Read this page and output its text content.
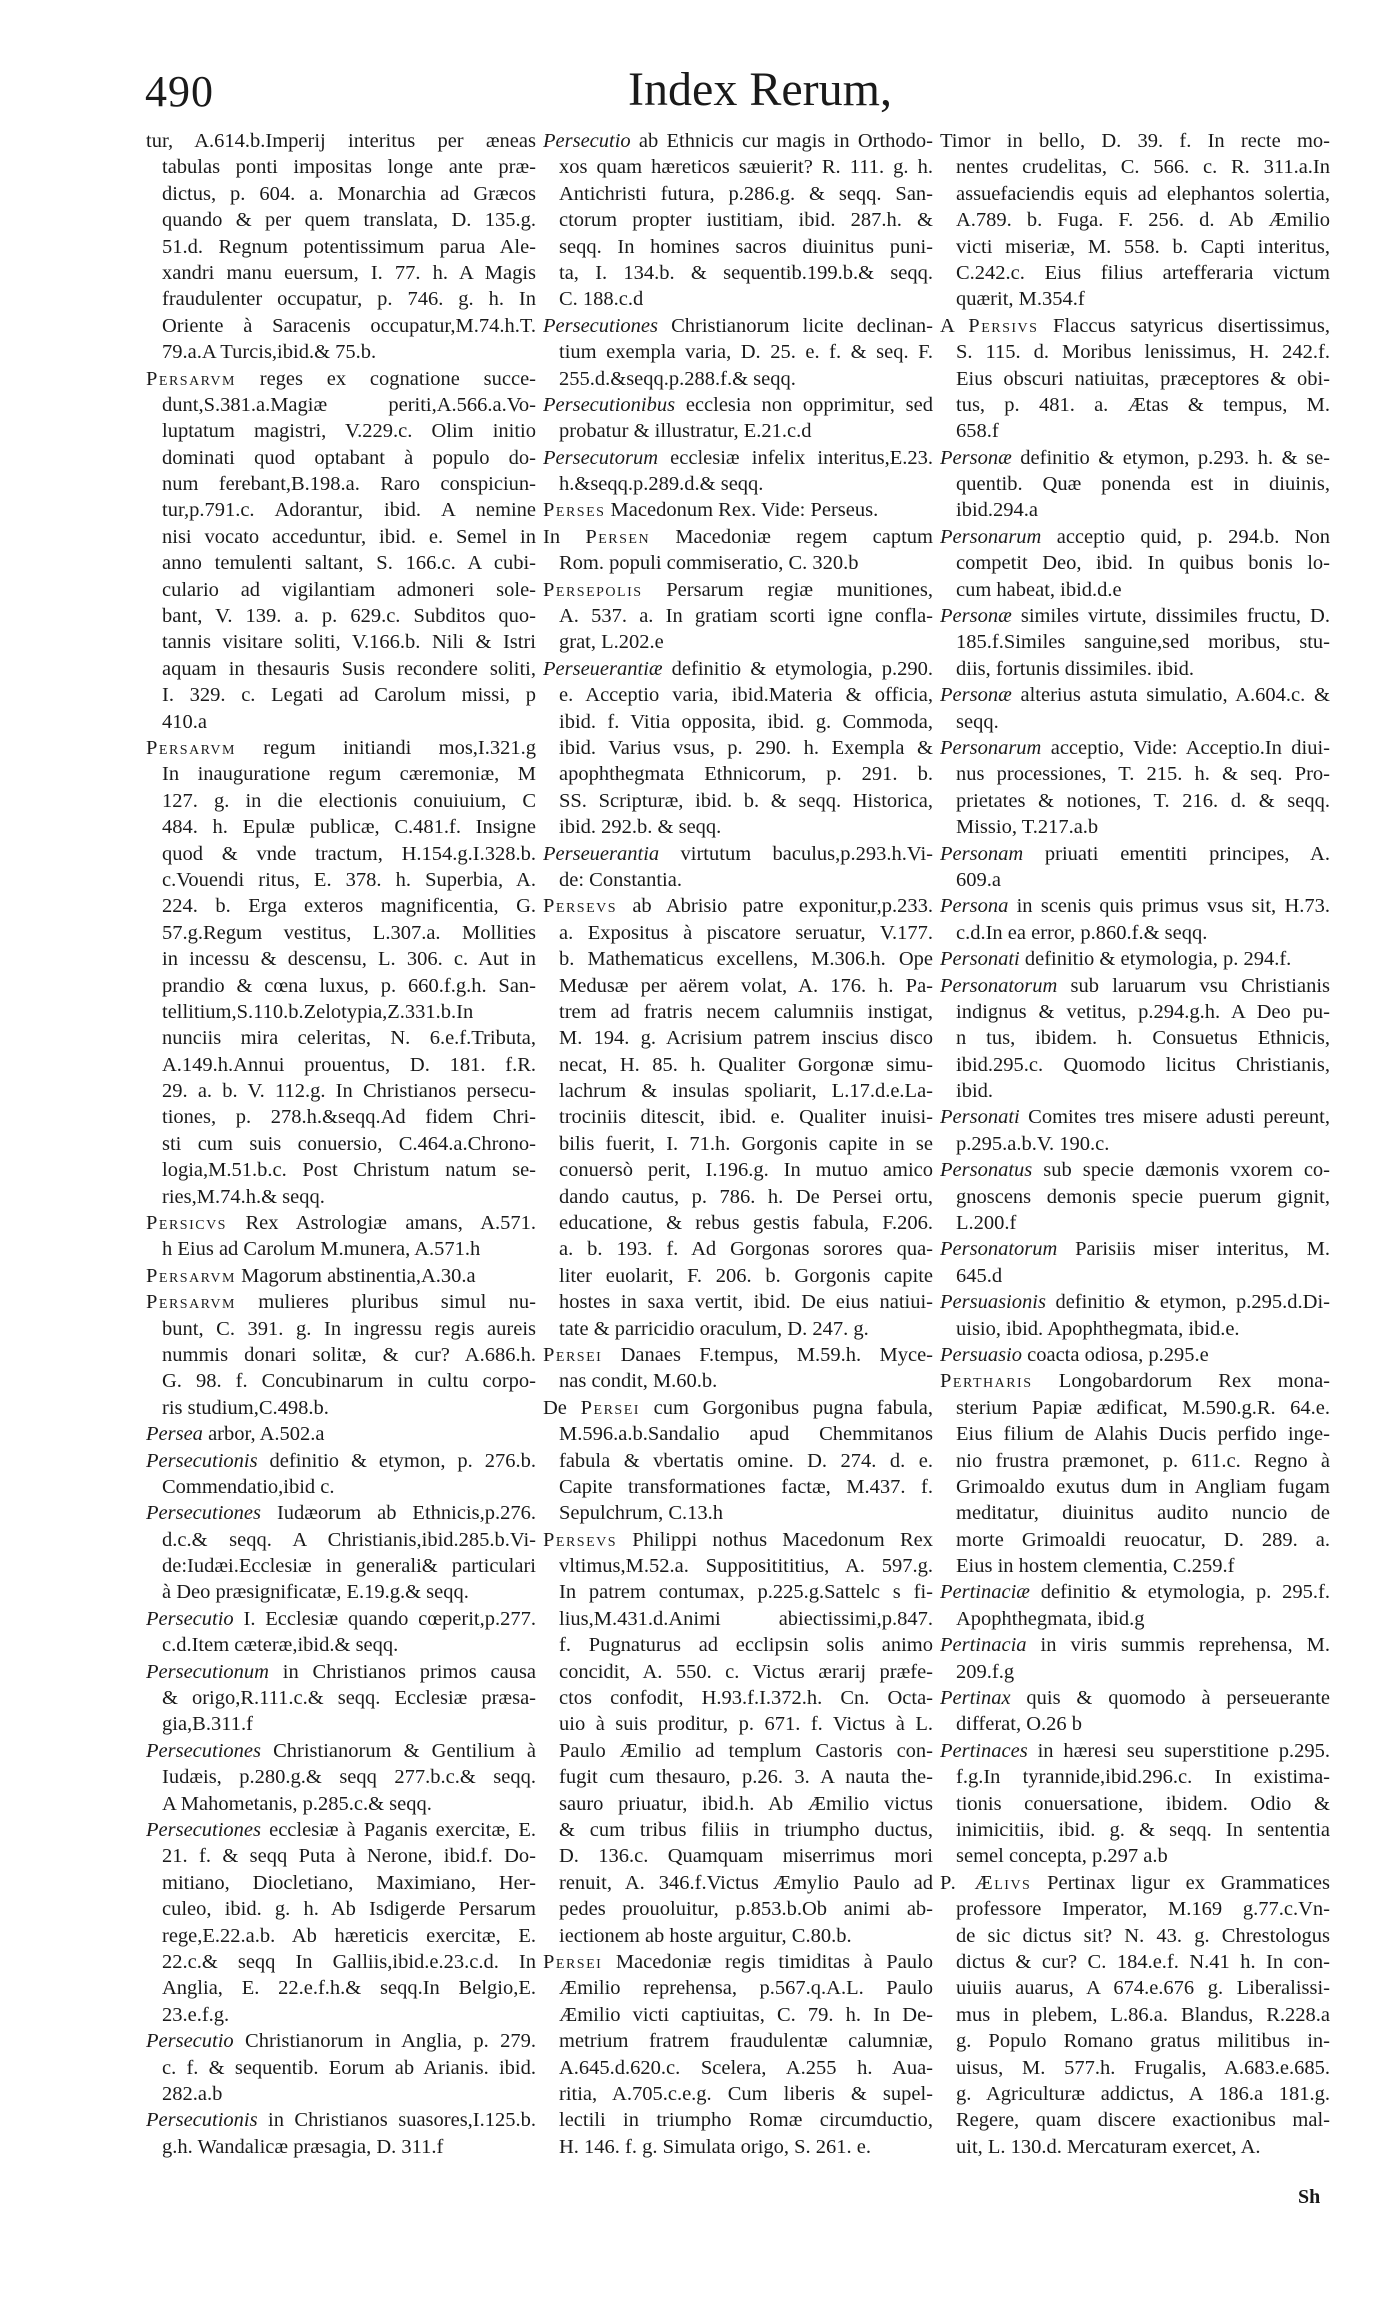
490	Index Rerum,
tur, A.614.b.Imperij interitus per æneas
tabulas ponti impositas longe ante præ-
dictus, p. 604. a. Monarchia ad Græcos
quando & per quem translata, D. 135.g.
51.d. Regnum potentissimum parua Ale-
xandri manu euersum, I. 77. h. A Magis
fraudulenter occupatur, p. 746. g. h. In
Oriente à Saracenis occupatur,M.74.h.T.
79.a.A Turcis,ibid.& 75.b.
Persarvm reges ex cognatione succe-
dunt,S.381.a.Magiæ periti,A.566.a.Vo-
luptatum magistri, V.229.c. Olim initio
dominati quod optabant à populo do-
num ferebant,B.198.a. Raro conspiciun-
tur,p.791.c. Adorantur, ibid. A nemine
nisi vocato acceduntur, ibid. e. Semel in
anno temulenti saltant, S. 166.c. A cubi-
culario ad vigilantiam admoneri sole-
bant, V. 139. a. p. 629.c. Subditos quo-
tannis visitare soliti, V.166.b. Nili & Istri
aquam in thesauris Susis recondere soliti,
I. 329. c. Legati ad Carolum missi, p
410.a
Persarvm regum initiandi mos,I.321.g
In inauguratione regum cæremoniæ, M
127. g. in die electionis conuiuium, C
484. h. Epulæ publicæ, C.481.f. Insigne
quod & vnde tractum, H.154.g.I.328.b.
c.Vouendi ritus, E. 378. h. Superbia, A.
224. b. Erga exteros magnificentia, G.
57.g.Regum vestitus, L.307.a. Mollities
in incessu & descensu, L. 306. c. Aut in
prandio & cœna luxus, p. 660.f.g.h. San-
tellitium,S.110.b.Zelotypia,Z.331.b.In
nunciis mira celeritas, N. 6.e.f.Tributa,
A.149.h.Annui prouentus, D. 181. f.R.
29. a. b. V. 112.g. In Christianos persecu-
tiones, p. 278.h.&seqq.Ad fidem Chri-
sti cum suis conuersio, C.464.a.Chrono-
logia,M.51.b.c. Post Christum natum se-
ries,M.74.h.& seqq.
Persicvs Rex Astrologiæ amans, A.571.
h Eius ad Carolum M.munera, A.571.h
Persarvm Magorum abstinentia,A.30.a
Persarvm mulieres pluribus simul nu-
bunt, C. 391. g. In ingressu regis aureis
nummis donari solitæ, & cur? A.686.h.
G. 98. f. Concubinarum in cultu corpo-
ris studium,C.498.b.
Persea arbor, A.502.a
Persecutionis definitio & etymon, p. 276.b.
Commendatio,ibid c.
Persecutiones Iudæorum ab Ethnicis,p.276.
d.c.& seqq. A Christianis,ibid.285.b.Vi-
de:Iudæi.Ecclesiæ in generali& particulari
à Deo præsignificatæ, E.19.g.& seqq.
Persecutio I. Ecclesiæ quando cœperit,p.277.
c.d.Item cæteræ,ibid.& seqq.
Persecutionum in Christianos primos causa
& origo,R.111.c.& seqq. Ecclesiæ præsa-
gia,B.311.f
Persecutiones Christianorum & Gentilium à
Iudæis, p.280.g.& seqq 277.b.c.& seqq.
A Mahometanis, p.285.c.& seqq.
Persecutiones ecclesiæ à Paganis exercitæ, E.
21. f. & seqq Puta à Nerone, ibid.f. Do-
mitiano, Diocletiano, Maximiano, Her-
culeo, ibid. g. h. Ab Isdigerde Persarum
rege,E.22.a.b. Ab hæreticis exercitæ, E.
22.c.& seqq In Galliis,ibid.e.23.c.d. In
Anglia, E. 22.e.f.h.& seqq.In Belgio,E.
23.e.f.g.
Persecutio Christianorum in Anglia, p. 279.
c. f. & sequentib. Eorum ab Arianis. ibid.
282.a.b
Persecutionis in Christianos suasores,I.125.b.
g.h. Wandalicæ præsagia, D. 311.f
Persecutio ab Ethnicis cur magis in Orthodo-
xos quam hæreticos sæuierit? R. 111. g. h.
Antichristi futura, p.286.g. & seqq. San-
ctorum propter iustitiam, ibid. 287.h. &
seqq. In homines sacros diuinitus puni-
ta, I. 134.b. & sequentib.199.b.& seqq.
C. 188.c.d
Persecutiones Christianorum licite declinan-
tium exempla varia, D. 25. e. f. & seq. F.
255.d.&seqq.p.288.f.& seqq.
Persecutionibus ecclesia non opprimitur, sed
probatur & illustratur, E.21.c.d
Persecutorum ecclesiæ infelix interitus,E.23.
h.&seqq.p.289.d.& seqq.
Perses Macedonum Rex. Vide: Perseus.
In Persen Macedoniæ regem captum
Rom. populi commiseratio, C. 320.b
Persepolis Persarum regiæ munitiones,
A. 537. a. In gratiam scorti igne confla-
grat, L.202.e
Perseuerantiæ definitio & etymologia, p.290.
e. Acceptio varia, ibid.Materia & officia,
ibid. f. Vitia opposita, ibid. g. Commoda,
ibid. Varius vsus, p. 290. h. Exempla &
apophthegmata Ethnicorum, p. 291. b.
SS. Scripturæ, ibid. b. & seqq. Historica,
ibid. 292.b. & seqq.
Perseuerantia virtutum baculus,p.293.h.Vi-
de: Constantia.
Persevs ab Abrisio patre exponitur,p.233.
a. Expositus à piscatore seruatur, V.177.
b. Mathematicus excellens, M.306.h. Ope
Medusæ per aërem volat, A. 176. h. Pa-
trem ad fratris necem calumniis instigat,
M. 194. g. Acrisium patrem inscius disco
necat, H. 85. h. Qualiter Gorgonæ simu-
lachrum & insulas spoliarit, L.17.d.e.La-
trociniis ditescit, ibid. e. Qualiter inuisi-
bilis fuerit, I. 71.h. Gorgonis capite in se
conuersò perit, I.196.g. In mutuo amico
dando cautus, p. 786. h. De Persei ortu,
educatione, & rebus gestis fabula, F.206.
a. b. 193. f. Ad Gorgonas sorores qua-
liter euolarit, F. 206. b. Gorgonis capite
hostes in saxa vertit, ibid. De eius natiui-
tate & parricidio oraculum, D. 247. g.
Persei Danaes F.tempus, M.59.h. Myce-
nas condit, M.60.b.
De Persei cum Gorgonibus pugna fabula,
M.596.a.b.Sandalio apud Chemmitanos
fabula & vbertatis omine. D. 274. d. e.
Capite transformationes factæ, M.437. f.
Sepulchrum, C.13.h
Persevs Philippi nothus Macedonum Rex
vltimus,M.52.a. Suppositititius, A. 597.g.
In patrem contumax, p.225.g.Sattelc s fi-
lius,M.431.d.Animi abiectissimi,p.847.
f. Pugnaturus ad ecclipsin solis animo
concidit, A. 550. c. Victus ærarij præfe-
ctos confodit, H.93.f.I.372.h. Cn. Octa-
uio à suis proditur, p. 671. f. Victus à L.
Paulo Æmilio ad templum Castoris con-
fugit cum thesauro, p.26. 3. A nauta the-
sauro priuatur, ibid.h. Ab Æmilio victus
& cum tribus filiis in triumpho ductus,
D. 136.c. Quamquam miserrimus mori
renuit, A. 346.f.Victus Æmylio Paulo ad
pedes prouoluitur, p.853.b.Ob animi ab-
iectionem ab hoste arguitur, C.80.b.
Persei Macedoniæ regis timiditas à Paulo
Æmilio reprehensa, p.567.q.A.L. Paulo
Æmilio victi captiuitas, C. 79. h. In De-
metrium fratrem fraudulentæ calumniæ,
A.645.d.620.c. Scelera, A.255 h. Aua-
ritia, A.705.c.e.g. Cum liberis & supel-
lectili in triumpho Romæ circumductio,
H. 146. f. g. Simulata origo, S. 261. e.
Timor in bello, D. 39. f. In recte mo-
nentes crudelitas, C. 566. c. R. 311.a.In
assuefaciendis equis ad elephantos solertia,
A.789. b. Fuga. F. 256. d. Ab Æmilio
victi miseriæ, M. 558. b. Capti interitus,
C.242.c. Eius filius artefferaria victum
quærit, M.354.f
A Persivs Flaccus satyricus disertissimus,
S. 115. d. Moribus lenissimus, H. 242.f.
Eius obscuri natiuitas, præceptores & obi-
tus, p. 481. a. Ætas & tempus, M.
658.f
Personæ definitio & etymon, p.293. h. & se-
quentib. Quæ ponenda est in diuinis,
ibid.294.a
Personarum acceptio quid, p. 294.b. Non
competit Deo, ibid. In quibus bonis lo-
cum habeat, ibid.d.e
Personæ similes virtute, dissimiles fructu, D.
185.f.Similes sanguine,sed moribus, stu-
diis, fortunis dissimiles. ibid.
Personæ alterius astuta simulatio, A.604.c. &
seqq.
Personarum acceptio, Vide: Acceptio.In diui-
nus processiones, T. 215. h. & seq. Pro-
prietates & notiones, T. 216. d. & seqq.
Missio, T.217.a.b
Personam priuati ementiti principes, A.
609.a
Persona in scenis quis primus vsus sit, H.73.
c.d.In ea error, p.860.f.& seqq.
Personati definitio & etymologia, p. 294.f.
Personatorum sub laruarum vsu Christianis
indignus & vetitus, p.294.g.h. A Deo pu-
n tus, ibidem. h. Consuetus Ethnicis,
ibid.295.c. Quomodo licitus Christianis,
ibid.
Personati Comites tres misere adusti pereunt,
p.295.a.b.V. 190.c.
Personatus sub specie dæmonis vxorem co-
gnoscens demonis specie puerum gignit,
L.200.f
Personatorum Parisiis miser interitus, M.
645.d
Persuasionis definitio & etymon, p.295.d.Di-
uisio, ibid. Apophthegmata, ibid.e.
Persuasio coacta odiosa, p.295.e
Pertharis Longobardorum Rex mona-
sterium Papiæ ædificat, M.590.g.R. 64.e.
Eius filium de Alahis Ducis perfido inge-
nio frustra præmonet, p. 611.c. Regno à
Grimoaldo exutus dum in Angliam fugam
meditatur, diuinitus audito nuncio de
morte Grimoaldi reuocatur, D. 289. a.
Eius in hostem clementia, C.259.f
Pertinaciæ definitio & etymologia, p. 295.f.
Apophthegmata, ibid.g
Pertinacia in viris summis reprehensa, M.
209.f.g
Pertinax quis & quomodo à perseuerante
differat, O.26 b
Pertinaces in hæresi seu superstitione p.295.
f.g.In tyrannide,ibid.296.c. In existima-
tionis conuersatione, ibidem. Odio &
inimicitiis, ibid. g. & seqq. In sententia
semel concepta, p.297 a.b
P. Ælivs Pertinax ligur ex Grammatices
professore Imperator, M.169 g.77.c.Vn-
de sic dictus sit? N. 43. g. Chrestologus
dictus & cur? C. 184.e.f. N.41 h. In con-
uiuiis auarus, A 674.e.676 g. Liberalissi-
mus in plebem, L.86.a. Blandus, R.228.a
g. Populo Romano gratus militibus in-
uisus, M. 577.h. Frugalis, A.683.e.685.
g. Agriculturæ addictus, A 186.a 181.g.
Regere, quam discere exactionibus mal-
uit, L. 130.d. Mercaturam exercet, A.
Sh
